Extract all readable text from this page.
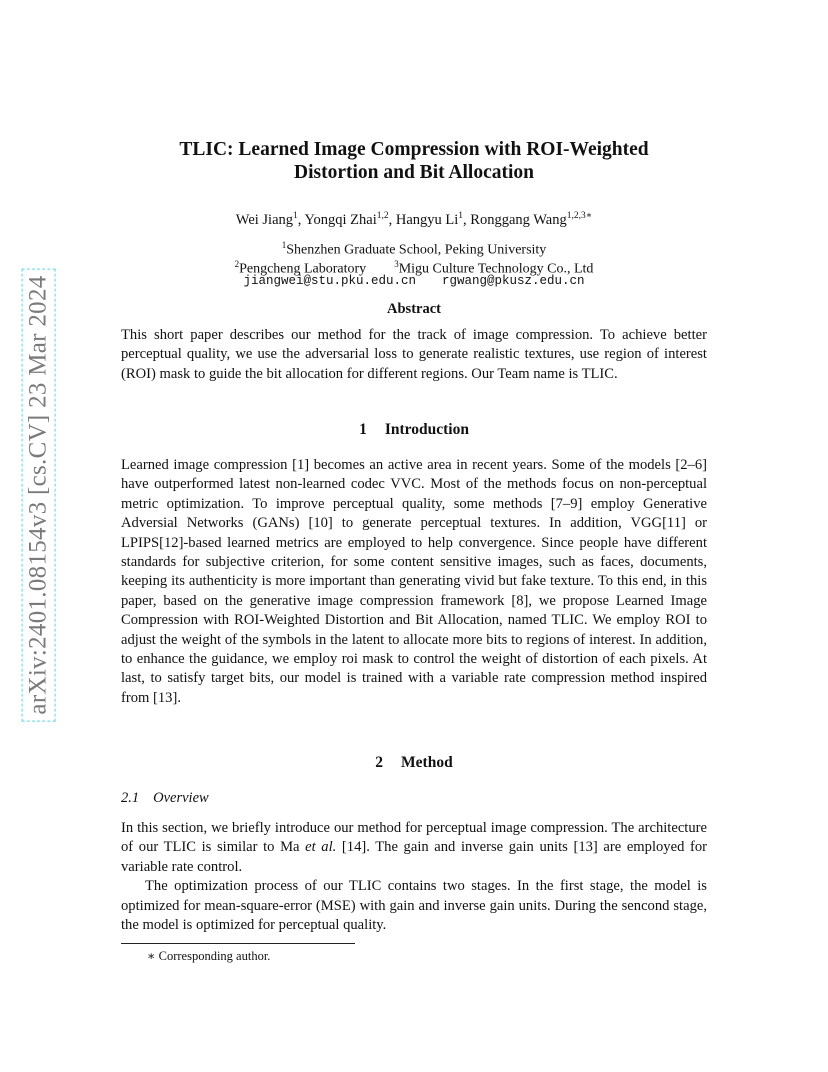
arXiv:2401.08154v3 [cs.CV] 23 Mar 2024
TLIC: Learned Image Compression with ROI-Weighted
Distortion and Bit Allocation
Wei Jiang$^1$, Yongqi Zhai$^{1,2}$, Hangyu Li$^1$, Ronggang Wang$^{1,2,3∗}$
$^1$Shenzhen Graduate School, Peking University
$^2$Pengcheng Laboratory	$^3$Migu Culture Technology Co., Ltd
jiangwei@stu.pku.edu.cn rgwang@pkusz.edu.cn
Abstract
This short paper describes our method for the track of image compression. To achieve better perceptual quality, we use the adversarial loss to generate realistic textures, use region of interest (ROI) mask to guide the bit allocation for different regions. Our Team name is TLIC.
1 Introduction
Learned image compression [1] becomes an active area in recent years. Some of the models [2–6] have outperformed latest non-learned codec VVC. Most of the methods focus on non-perceptual metric optimization. To improve perceptual quality, some methods [7–9] employ Generative Adversial Networks (GANs) [10] to generate perceptual textures. In addition, VGG[11] or LPIPS[12]-based learned metrics are employed to help convergence. Since people have different standards for subjective criterion, for some content sensitive images, such as faces, documents, keeping its authenticity is more important than generating vivid but fake texture. To this end, in this paper, based on the generative image compression framework [8], we propose Learned Image Compression with ROI-Weighted Distortion and Bit Allocation, named TLIC. We employ ROI to adjust the weight of the symbols in the latent to allocate more bits to regions of interest. In addition, to enhance the guidance, we employ roi mask to control the weight of distortion of each pixels. At last, to satisfy target bits, our model is trained with a variable rate compression method inspired from [13].
2 Method
2.1 Overview

In this section, we briefly introduce our method for perceptual image compression. The architecture of our TLIC is similar to Ma et al. [14]. The gain and inverse gain units [13] are employed for variable rate control.

The optimization process of our TLIC contains two stages. In the first stage, the model is optimized for mean-square-error (MSE) with gain and inverse gain units. During the sencond stage, the model is optimized for perceptual quality.

∗ Corresponding author.
